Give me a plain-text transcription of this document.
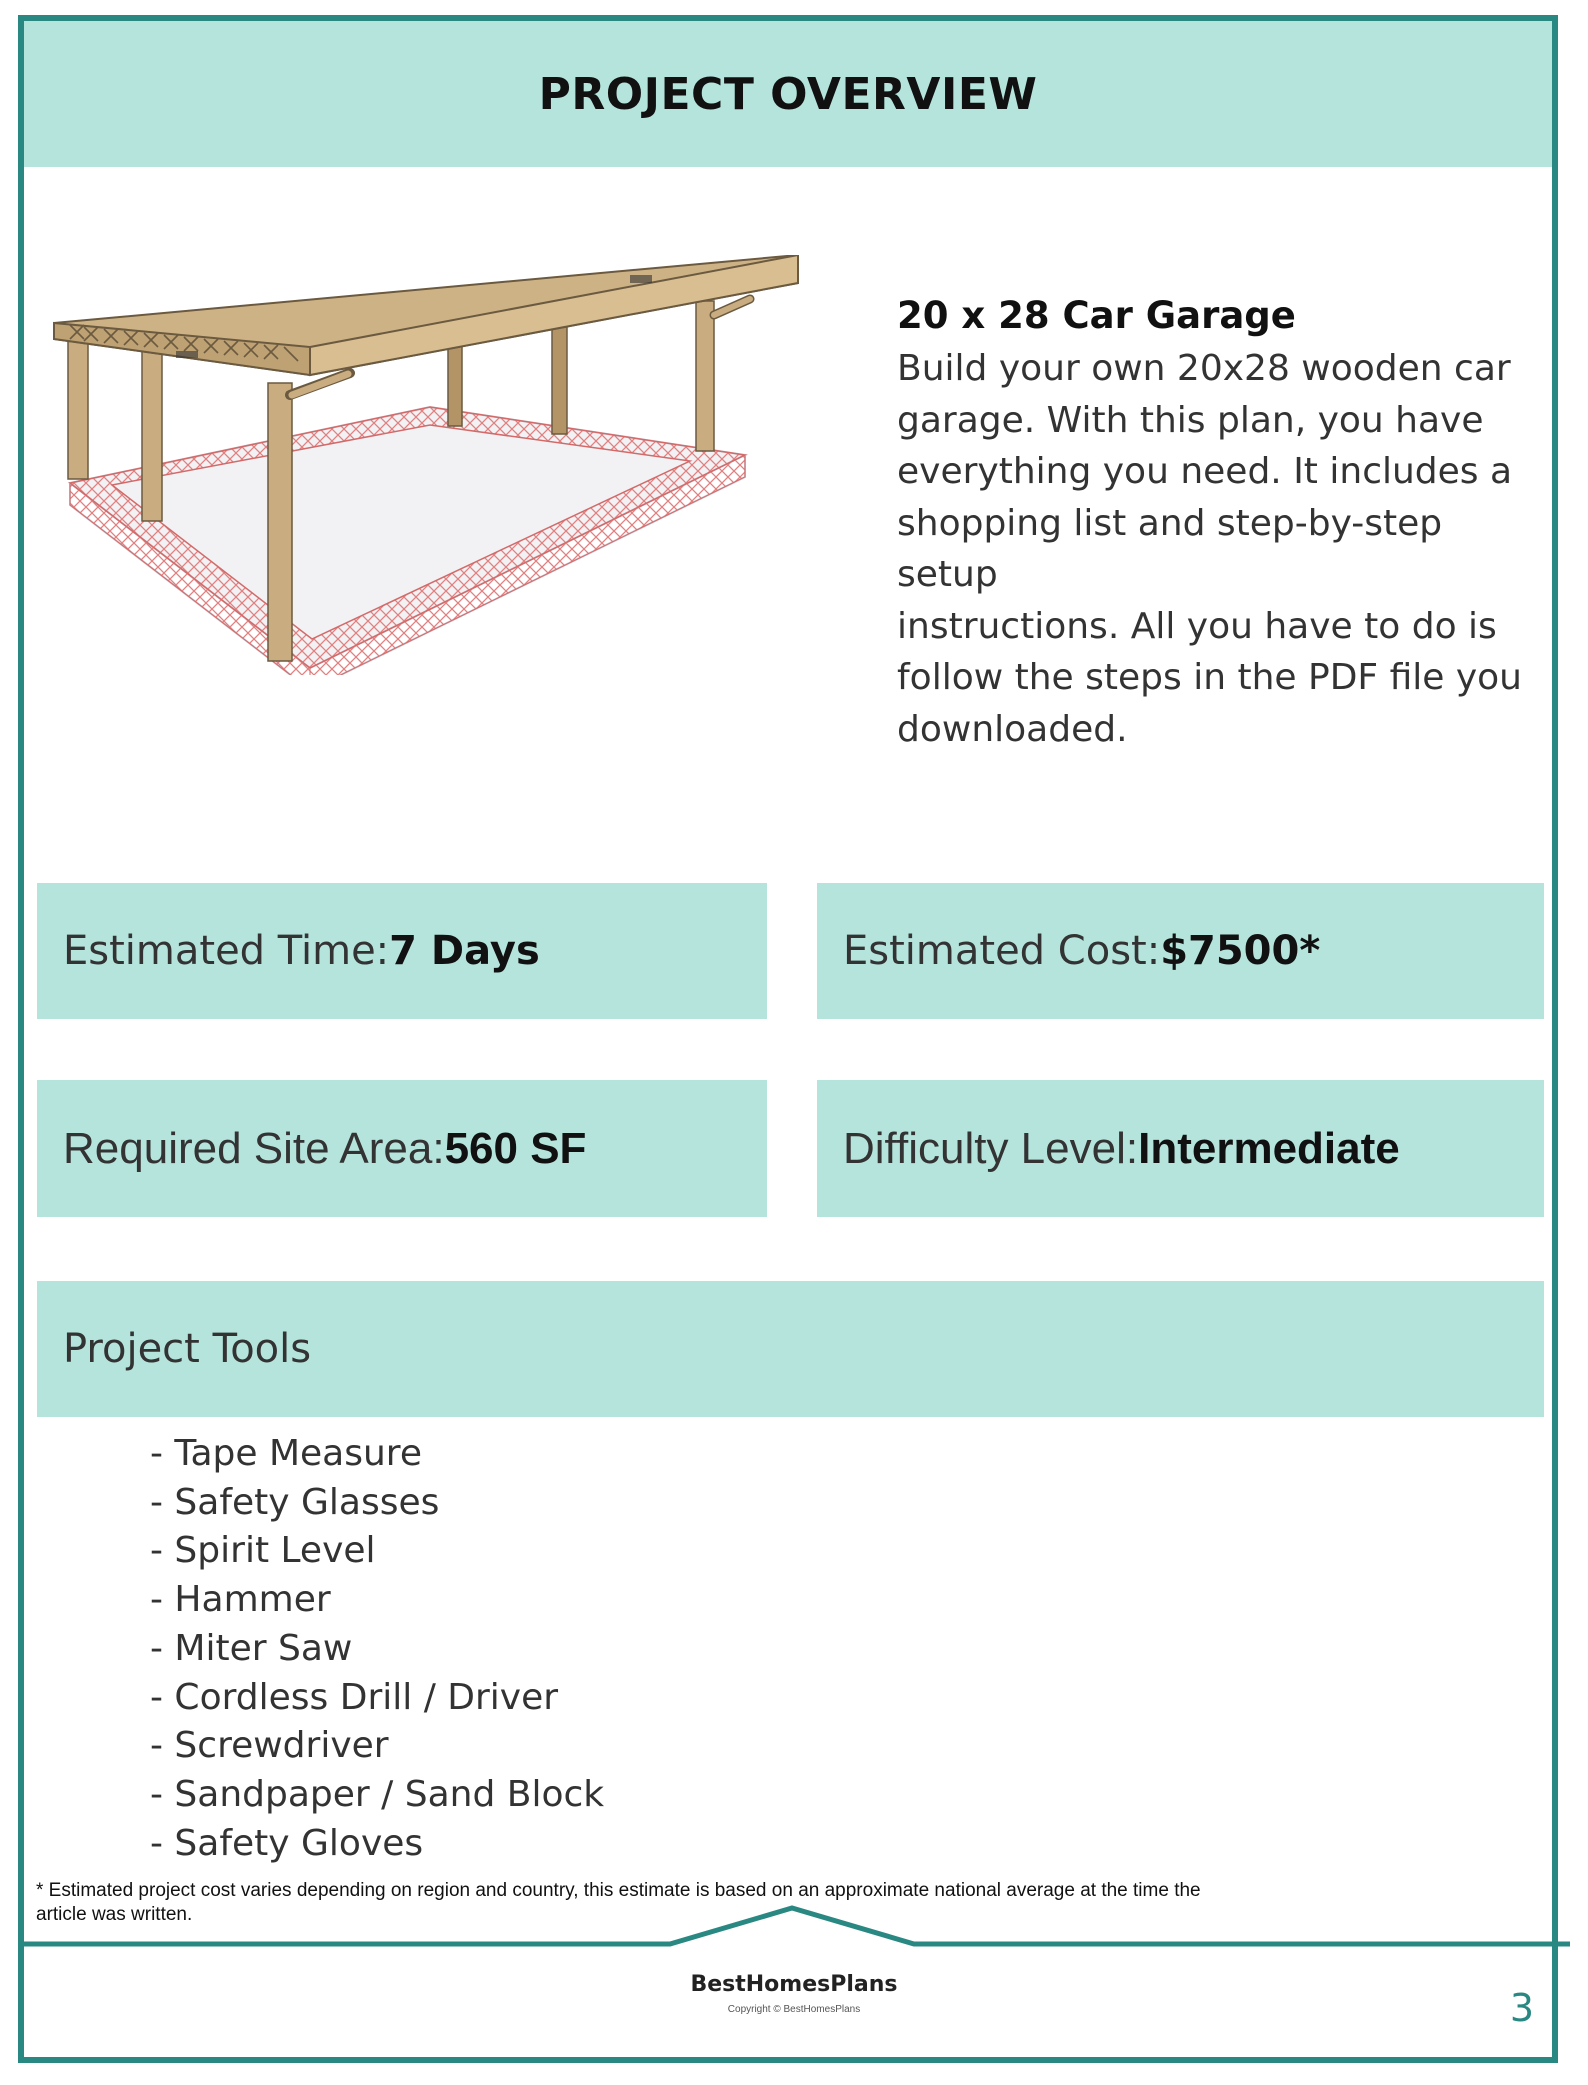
PROJECT OVERVIEW
20 x 28 Car Garage
Build your own 20x28 wooden car
garage. With this plan, you have
everything you need. It includes a
shopping list and step-by-step setup
instructions. All you have to do is
follow the steps in the PDF file you
downloaded.
Estimated Time: 7 Days	Estimated Cost: $7500*
Required Site Area: 560 SF	Difficulty Level: Intermediate
Project Tools
- Tape Measure
- Safety Glasses
- Spirit Level
- Hammer
- Miter Saw
- Cordless Drill / Driver
- Screwdriver
- Sandpaper / Sand Block
- Safety Gloves
* Estimated project cost varies depending on region and country, this estimate is based on an approximate national average at the time the
article was written.
BestHomesPlans
Copyright © BestHomesPlans	3
